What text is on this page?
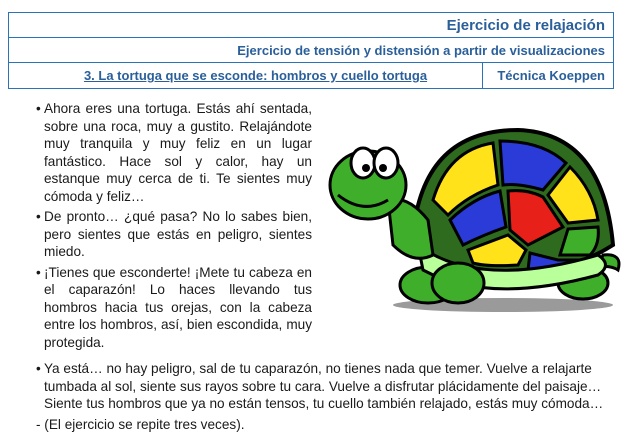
Ejercicio de relajación
Ejercicio de tensión y distensión a partir de visualizaciones
3. La tortuga que se esconde: hombros y cuello tortuga	Técnica Koeppen
• Ahora eres una tortuga. Estás ahí sentada, sobre una roca, muy a gustito. Relajándote muy tranquila y muy feliz en un lugar fantástico. Hace sol y calor, hay un estanque muy cerca de ti. Te sientes muy cómoda y feliz…
• De pronto… ¿qué pasa? No lo sabes bien, pero sientes que estás en peligro, sientes miedo.
• ¡Tienes que esconderte! ¡Mete tu cabeza en el caparazón! Lo haces llevando tus hombros hacia tus orejas, con la cabeza entre los hombros, así, bien escondida, muy protegida.
• Ya está… no hay peligro, sal de tu caparazón, no tienes nada que temer. Vuelve a relajarte tumbada al sol, siente sus rayos sobre tu cara. Vuelve a disfrutar plácidamente del paisaje… Siente tus hombros que ya no están tensos, tu cuello también relajado, estás muy cómoda…
- (El ejercicio se repite tres veces).
